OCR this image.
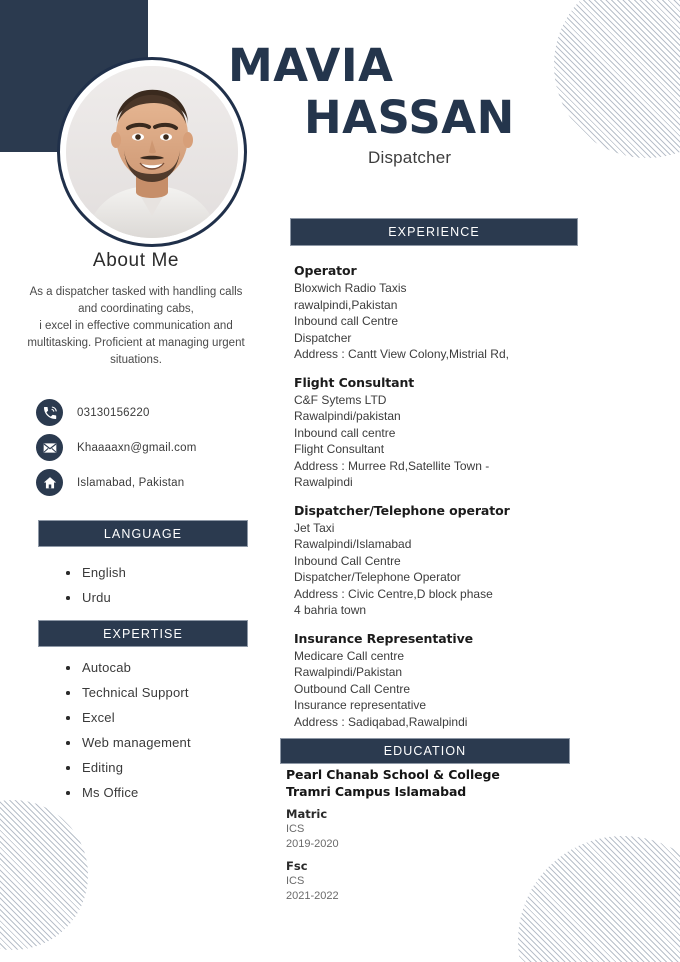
MAVIA
HASSAN
Dispatcher
About Me

As a dispatcher tasked with handling calls and coordinating cabs,

i excel in effective communication and multitasking. Proficient at managing urgent situations.

03130156220
Khaaaaxn@gmail.com
Islamabad, Pakistan
LANGUAGE
English
Urdu
EXPERTISE
Autocab
Technical Support
Excel
Web management
Editing
Ms Office
EXPERIENCE
Operator
Bloxwich Radio Taxis
rawalpindi,Pakistan
Inbound call Centre
Dispatcher
Address : Cantt View Colony,Mistrial Rd,
Flight Consultant
C&F Sytems LTD
Rawalpindi/pakistan
Inbound call centre
Flight Consultant
Address : Murree Rd,Satellite Town -
Rawalpindi
Dispatcher/Telephone operator
Jet Taxi
Rawalpindi/Islamabad
Inbound Call Centre
Dispatcher/Telephone Operator
Address : Civic Centre,D block phase
4 bahria town
Insurance Representative
Medicare Call centre
Rawalpindi/Pakistan
Outbound Call Centre
Insurance representative
Address : Sadiqabad,Rawalpindi
EDUCATION
Pearl Chanab School & College
Tramri Campus Islamabad
Matric
ICS
2019-2020
Fsc
ICS
2021-2022
